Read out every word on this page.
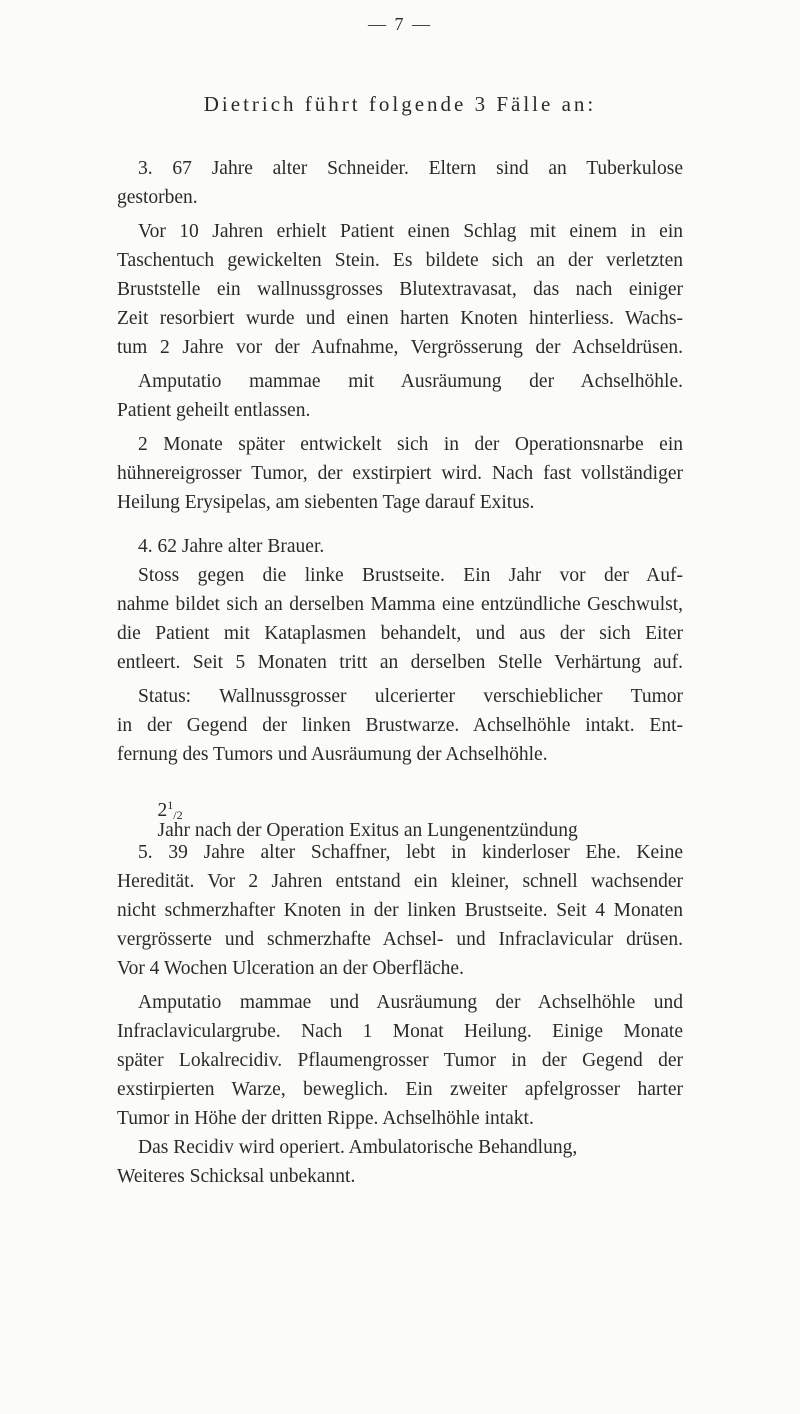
— 7 —
Dietrich führt folgende 3 Fälle an:
3. 67 Jahre alter Schneider. Eltern sind an Tuberkulose
gestorben.
Vor 10 Jahren erhielt Patient einen Schlag mit einem in ein
Taschentuch gewickelten Stein. Es bildete sich an der verletzten
Bruststelle ein wallnussgrosses Blutextravasat, das nach einiger
Zeit resorbiert wurde und einen harten Knoten hinterliess. Wachs-
tum 2 Jahre vor der Aufnahme, Vergrösserung der Achseldrüsen.
Amputatio mammae mit Ausräumung der Achselhöhle.
Patient geheilt entlassen.
2 Monate später entwickelt sich in der Operationsnarbe ein
hühnereigrosser Tumor, der exstirpiert wird. Nach fast vollständiger
Heilung Erysipelas, am siebenten Tage darauf Exitus.
4. 62 Jahre alter Brauer.
Stoss gegen die linke Brustseite. Ein Jahr vor der Auf-
nahme bildet sich an derselben Mamma eine entzündliche Geschwulst,
die Patient mit Kataplasmen behandelt, und aus der sich Eiter
entleert. Seit 5 Monaten tritt an derselben Stelle Verhärtung auf.
Status: Wallnussgrosser ulcerierter verschieblicher Tumor
in der Gegend der linken Brustwarze. Achselhöhle intakt. Ent-
fernung des Tumors und Ausräumung der Achselhöhle.

$2^1_{/2}$
Jahr nach der Operation Exitus an Lungenentzündung

5. 39 Jahre alter Schaffner, lebt in kinderloser Ehe. Keine
Heredität. Vor 2 Jahren entstand ein kleiner, schnell wachsender
nicht schmerzhafter Knoten in der linken Brustseite. Seit 4 Monaten
vergrösserte und schmerzhafte Achsel- und Infraclavicular drüsen.
Vor 4 Wochen Ulceration an der Oberfläche.
Amputatio mammae und Ausräumung der Achselhöhle und
Infraclaviculargrube. Nach 1 Monat Heilung. Einige Monate
später Lokalrecidiv. Pflaumengrosser Tumor in der Gegend der
exstirpierten Warze, beweglich. Ein zweiter apfelgrosser harter
Tumor in Höhe der dritten Rippe. Achselhöhle intakt.
Das Recidiv wird operiert. Ambulatorische Behandlung,
Weiteres Schicksal unbekannt.
